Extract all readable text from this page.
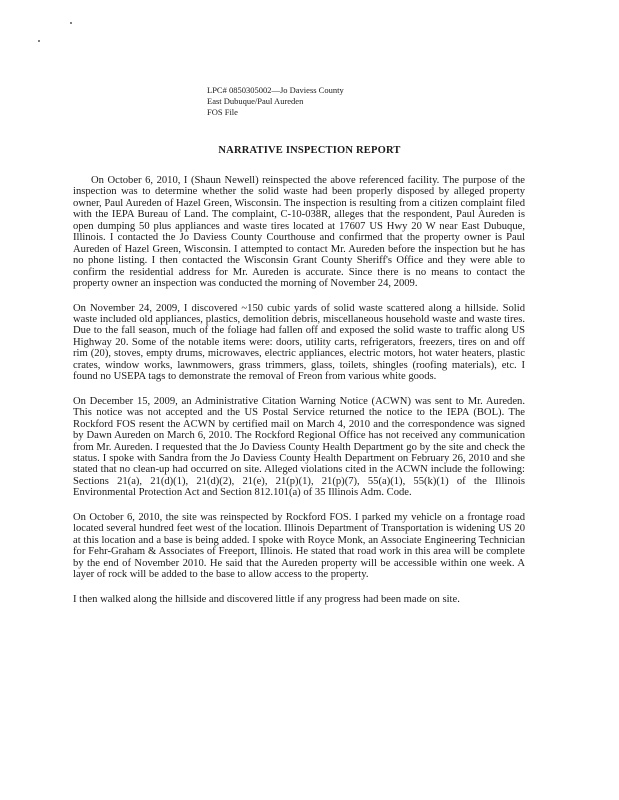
LPC# 0850305002—Jo Daviess County
East Dubuque/Paul Aureden
FOS File
NARRATIVE INSPECTION REPORT

On October 6, 2010, I (Shaun Newell) reinspected the above referenced facility. The purpose of the inspection was to determine whether the solid waste had been properly disposed by alleged property owner, Paul Aureden of Hazel Green, Wisconsin. The inspection is resulting from a citizen complaint filed with the IEPA Bureau of Land. The complaint, C-10-038R, alleges that the respondent, Paul Aureden is open dumping 50 plus appliances and waste tires located at 17607 US Hwy 20 W near East Dubuque, Illinois. I contacted the Jo Daviess County Courthouse and confirmed that the property owner is Paul Aureden of Hazel Green, Wisconsin. I attempted to contact Mr. Aureden before the inspection but he has no phone listing. I then contacted the Wisconsin Grant County Sheriff's Office and they were able to confirm the residential address for Mr. Aureden is accurate. Since there is no means to contact the property owner an inspection was conducted the morning of November 24, 2009.

On November 24, 2009, I discovered ~150 cubic yards of solid waste scattered along a hillside. Solid waste included old appliances, plastics, demolition debris, miscellaneous household waste and waste tires. Due to the fall season, much of the foliage had fallen off and exposed the solid waste to traffic along US Highway 20. Some of the notable items were: doors, utility carts, refrigerators, freezers, tires on and off rim (20), stoves, empty drums, microwaves, electric appliances, electric motors, hot water heaters, plastic crates, window works, lawnmowers, grass trimmers, glass, toilets, shingles (roofing materials), etc. I found no USEPA tags to demonstrate the removal of Freon from various white goods.

On December 15, 2009, an Administrative Citation Warning Notice (ACWN) was sent to Mr. Aureden. This notice was not accepted and the US Postal Service returned the notice to the IEPA (BOL). The Rockford FOS resent the ACWN by certified mail on March 4, 2010 and the correspondence was signed by Dawn Aureden on March 6, 2010. The Rockford Regional Office has not received any communication from Mr. Aureden. I requested that the Jo Daviess County Health Department go by the site and check the status. I spoke with Sandra from the Jo Daviess County Health Department on February 26, 2010 and she stated that no clean-up had occurred on site. Alleged violations cited in the ACWN include the following: Sections 21(a), 21(d)(1), 21(d)(2), 21(e), 21(p)(1), 21(p)(7), 55(a)(1), 55(k)(1) of the Illinois Environmental Protection Act and Section 812.101(a) of 35 Illinois Adm. Code.

On October 6, 2010, the site was reinspected by Rockford FOS. I parked my vehicle on a frontage road located several hundred feet west of the location. Illinois Department of Transportation is widening US 20 at this location and a base is being added. I spoke with Royce Monk, an Associate Engineering Technician for Fehr-Graham & Associates of Freeport, Illinois. He stated that road work in this area will be complete by the end of November 2010. He said that the Aureden property will be accessible within one week. A layer of rock will be added to the base to allow access to the property.

I then walked along the hillside and discovered little if any progress had been made on site.
